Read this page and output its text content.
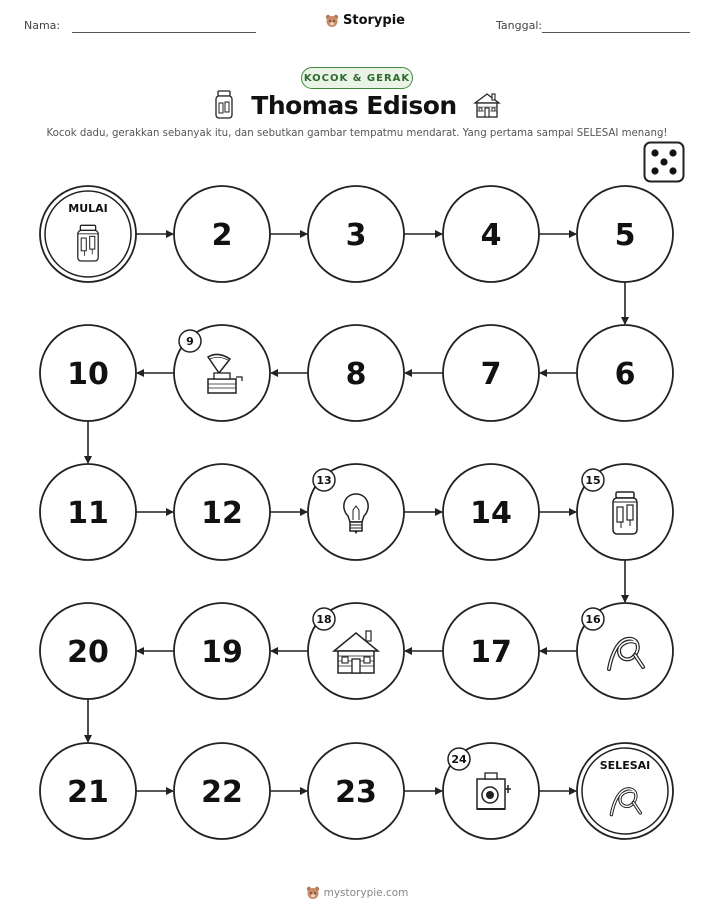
Nama:	Storypie	Tanggal:
KOCOK & GERAK
Thomas Edison
Kocok dadu, gerakkan sebanyak itu, dan sebutkan gambar tempatmu mendarat. Yang pertama sampai SELESAI menang!
MULAI
2	3	4	5
6
7
8
9
10
11	12
13
14
15
16
17
18
19
20
21	22	23
24	SELESAI
mystorypie.com
